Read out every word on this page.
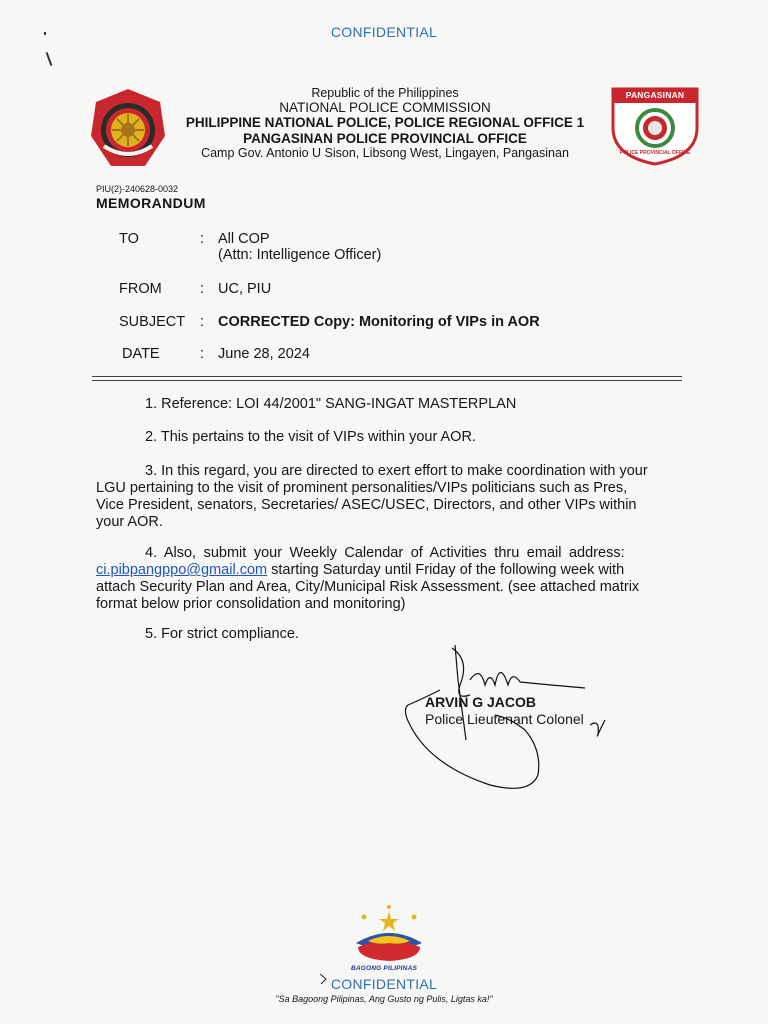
CONFIDENTIAL
Republic of the Philippines
NATIONAL POLICE COMMISSION
PHILIPPINE NATIONAL POLICE, POLICE REGIONAL OFFICE 1
PANGASINAN POLICE PROVINCIAL OFFICE
Camp Gov. Antonio U Sison, Libsong West, Lingayen, Pangasinan
PANGASINAN
POLICE PROVINCIAL OFFICE
PIU(2)-240628-0032
MEMORANDUM
TO	: All COP
(Attn: Intelligence Officer)
FROM	: UC, PIU
SUBJECT : CORRECTED Copy: Monitoring of VIPs in AOR
DATE	: June 28, 2024
1. Reference: LOI 44/2001" SANG-INGAT MASTERPLAN
2. This pertains to the visit of VIPs within your AOR.
3. In this regard, you are directed to exert effort to make coordination with your
LGU pertaining to the visit of prominent personalities/VIPs politicians such as Pres,
Vice President, senators, Secretaries/ ASEC/USEC, Directors, and other VIPs within
your AOR.
4. Also, submit your Weekly Calendar of Activities thru email address:
ci.pibpangppo@gmail.com starting Saturday until Friday of the following week with
attach Security Plan and Area, City/Municipal Risk Assessment. (see attached matrix
format below prior consolidation and monitoring)
5. For strict compliance.
ARVIN G JACOB
Police Lieutenant Colonel
BAGONG PILIPINAS
CONFIDENTIAL
"Sa Bagoong Pilipinas, Ang Gusto ng Pulis, Ligtas ka!"
